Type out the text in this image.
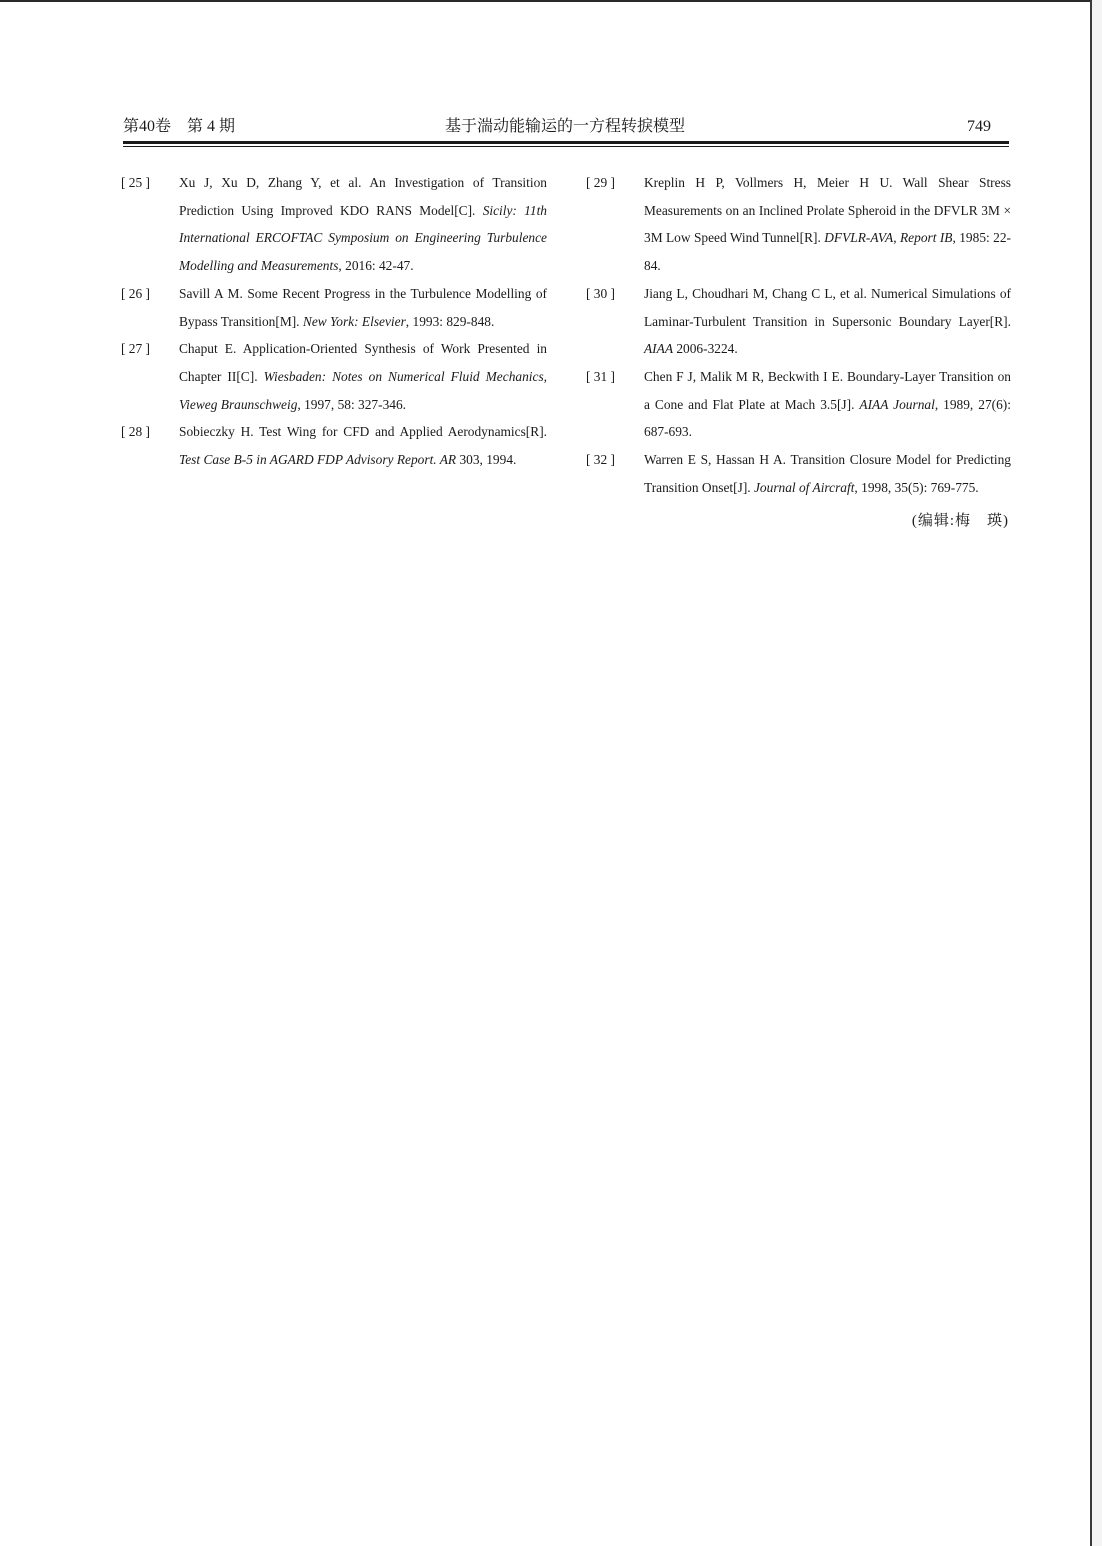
第40卷 第 4 期	基于湍动能输运的一方程转捩模型	749
[ 25 ]	Xu J, Xu D, Zhang Y, et al. An Investigation of Transition Prediction Using Improved KDO RANS Model[C]. Sicily: 11th International ERCOFTAC Symposium on Engineering Turbulence Modelling and Measurements, 2016: 42-47.
[ 26 ]	Savill A M. Some Recent Progress in the Turbulence Modelling of Bypass Transition[M]. New York: Elsevier, 1993: 829-848.
[ 27 ]	Chaput E. Application-Oriented Synthesis of Work Presented in Chapter II[C]. Wiesbaden: Notes on Numerical Fluid Mechanics, Vieweg Braunschweig, 1997, 58: 327-346.
[ 28 ]	Sobieczky H. Test Wing for CFD and Applied Aerodynamics[R]. Test Case B-5 in AGARD FDP Advisory Report. AR 303, 1994.
[ 29 ]	Kreplin H P, Vollmers H, Meier H U. Wall Shear Stress Measurements on an Inclined Prolate Spheroid in the DFVLR 3M × 3M Low Speed Wind Tunnel[R]. DFVLR-AVA, Report IB, 1985: 22-84.
[ 30 ]	Jiang L, Choudhari M, Chang C L, et al. Numerical Simulations of Laminar-Turbulent Transition in Supersonic Boundary Layer[R]. AIAA 2006-3224.
[ 31 ]	Chen F J, Malik M R, Beckwith I E. Boundary-Layer Transition on a Cone and Flat Plate at Mach 3.5[J]. AIAA Journal, 1989, 27(6): 687-693.
[ 32 ]	Warren E S, Hassan H A. Transition Closure Model for Predicting Transition Onset[J]. Journal of Aircraft, 1998, 35(5): 769-775.
(编辑:梅　瑛)
